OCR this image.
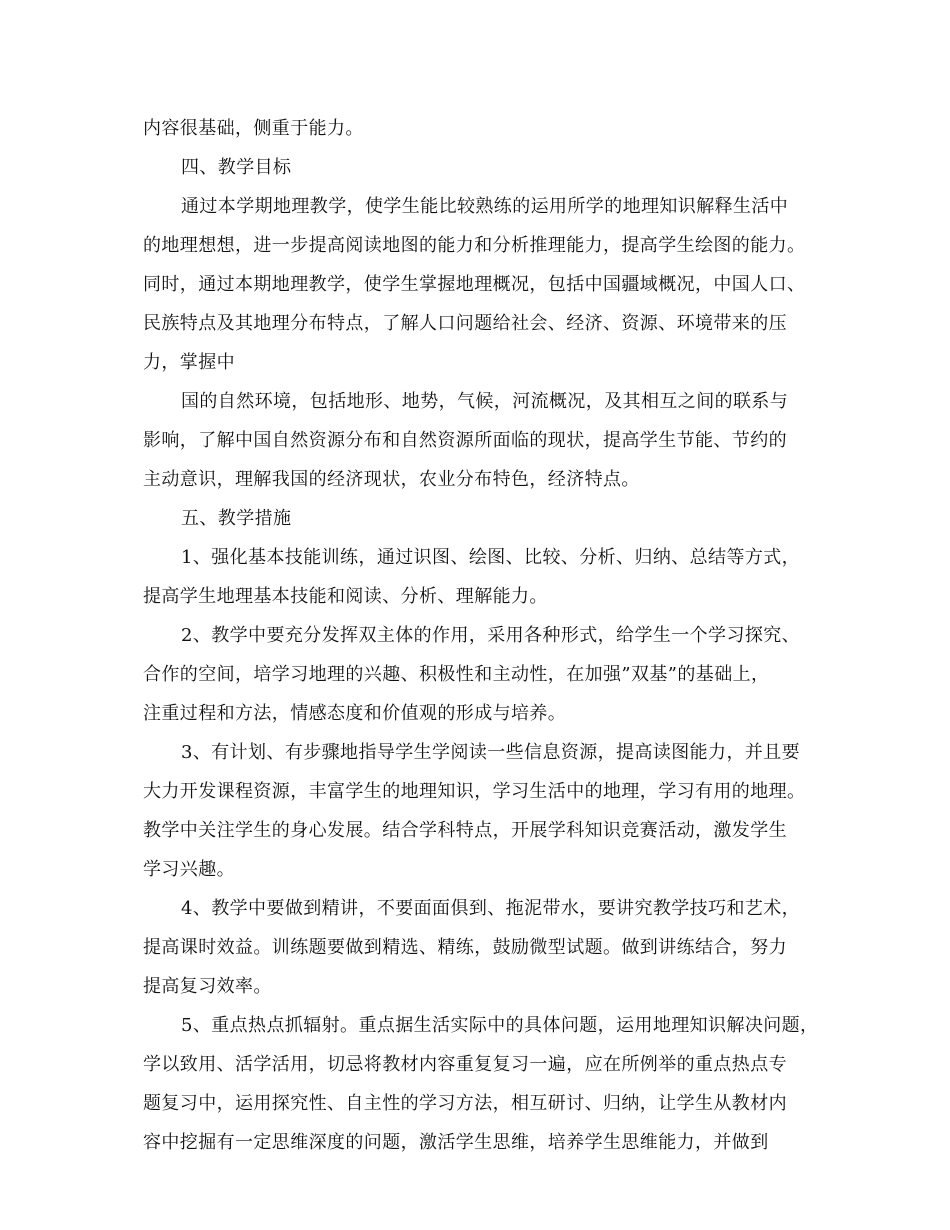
内容很基础，侧重于能力。
四、教学目标
通过本学期地理教学，使学生能比较熟练的运用所学的地理知识解释生活中
的地理想想，进一步提高阅读地图的能力和分析推理能力，提高学生绘图的能力。
同时，通过本期地理教学，使学生掌握地理概况，包括中国疆域概况，中国人口、
民族特点及其地理分布特点，了解人口问题给社会、经济、资源、环境带来的压
力，掌握中
国的自然环境，包括地形、地势，气候，河流概况，及其相互之间的联系与
影响，了解中国自然资源分布和自然资源所面临的现状，提高学生节能、节约的
主动意识，理解我国的经济现状，农业分布特色，经济特点。
五、教学措施
1、强化基本技能训练，通过识图、绘图、比较、分析、归纳、总结等方式，
提高学生地理基本技能和阅读、分析、理解能力。
2、教学中要充分发挥双主体的作用，采用各种形式，给学生一个学习探究、
合作的空间，培学习地理的兴趣、积极性和主动性，在加强”双基”的基础上，
注重过程和方法，情感态度和价值观的形成与培养。
3、有计划、有步骤地指导学生学阅读一些信息资源，提高读图能力，并且要
大力开发课程资源，丰富学生的地理知识，学习生活中的地理，学习有用的地理。
教学中关注学生的身心发展。结合学科特点，开展学科知识竞赛活动，激发学生
学习兴趣。
4、教学中要做到精讲，不要面面俱到、拖泥带水，要讲究教学技巧和艺术，
提高课时效益。训练题要做到精选、精练，鼓励微型试题。做到讲练结合，努力
提高复习效率。
5、重点热点抓辐射。重点据生活实际中的具体问题，运用地理知识解决问题，
学以致用、活学活用，切忌将教材内容重复复习一遍，应在所例举的重点热点专
题复习中，运用探究性、自主性的学习方法，相互研讨、归纳，让学生从教材内
容中挖掘有一定思维深度的问题，激活学生思维，培养学生思维能力，并做到
